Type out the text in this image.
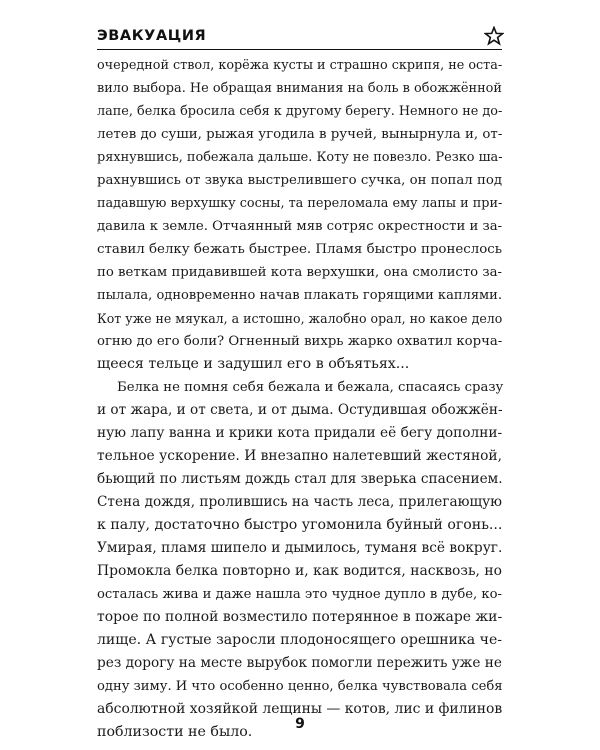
ЭВАКУАЦИЯ

очередной ствол, корёжа кусты и страшно скрипя, не оста-
вило выбора. Не обращая внимания на боль в обожжённой
лапе, белка бросила себя к другому берегу. Немного не до-
летев до суши, рыжая угодила в ручей, вынырнула и, от-
ряхнувшись, побежала дальше. Коту не повезло. Резко ша-
рахнувшись от звука выстрелившего сучка, он попал под
падавшую верхушку сосны, та переломала ему лапы и при-
давила к земле. Отчаянный мяв сотряс окрестности и за-
ставил белку бежать быстрее. Пламя быстро пронеслось
по веткам придавившей кота верхушки, она смолисто за-
пылала, одновременно начав плакать горящими каплями.
Кот уже не мяукал, а истошно, жалобно орал, но какое дело
огню до его боли? Огненный вихрь жарко охватил корча-
щееся тельце и задушил его в объятьях...

Белка не помня себя бежала и бежала, спасаясь сразу
и от жара, и от света, и от дыма. Остудившая обожжён-
ную лапу ванна и крики кота придали её бегу дополни-
тельное ускорение. И внезапно налетевший жестяной,
бьющий по листьям дождь стал для зверька спасением.
Стена дождя, пролившись на часть леса, прилегающую
к палу, достаточно быстро угомонила буйный огонь...
Умирая, пламя шипело и дымилось, туманя всё вокруг.
Промокла белка повторно и, как водится, насквозь, но
осталась жива и даже нашла это чудное дупло в дубе, ко-
торое по полной возместило потерянное в пожаре жи-
лище. А густые заросли плодоносящего орешника че-
рез дорогу на месте вырубок помогли пережить уже не
одну зиму. И что особенно ценно, белка чувствовала себя
абсолютной хозяйкой лещины — котов, лис и филинов
поблизости не было.	9
